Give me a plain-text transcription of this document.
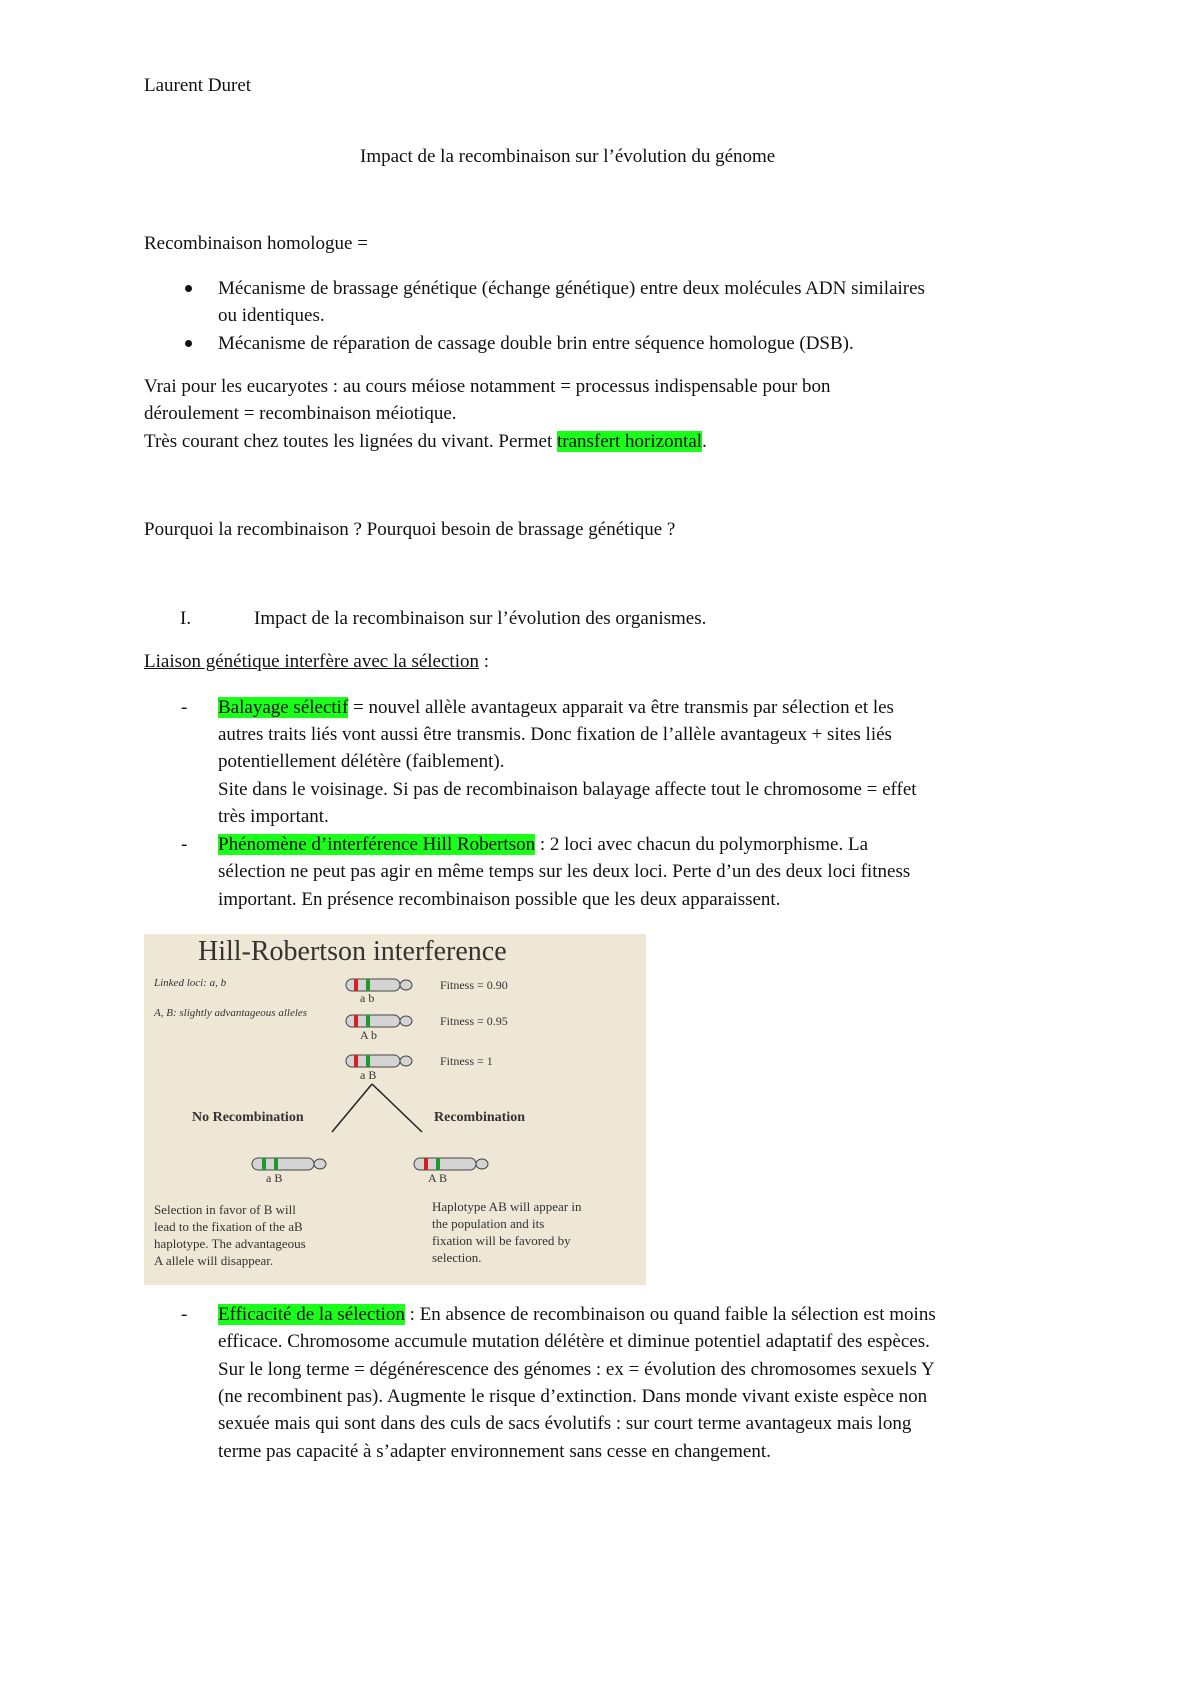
Laurent Duret
Impact de la recombinaison sur l’évolution du génome
Recombinaison homologue =
Mécanisme de brassage génétique (échange génétique) entre deux molécules ADN similaires
ou identiques.
Mécanisme de réparation de cassage double brin entre séquence homologue (DSB).
Vrai pour les eucaryotes : au cours méiose notamment = processus indispensable pour bon
déroulement = recombinaison méiotique.
Très courant chez toutes les lignées du vivant. Permet transfert horizontal.
Pourquoi la recombinaison ? Pourquoi besoin de brassage génétique ?
I.	Impact de la recombinaison sur l’évolution des organismes.
Liaison génétique interfère avec la sélection :
- Balayage sélectif = nouvel allèle avantageux apparait va être transmis par sélection et les
autres traits liés vont aussi être transmis. Donc fixation de l’allèle avantageux + sites liés
potentiellement délétère (faiblement).
Site dans le voisinage. Si pas de recombinaison balayage affecte tout le chromosome = effet
très important.
- Phénomène d’interférence Hill Robertson : 2 loci avec chacun du polymorphisme. La
sélection ne peut pas agir en même temps sur les deux loci. Perte d’un des deux loci fitness
important. En présence recombinaison possible que les deux apparaissent.
Hill-Robertson interference
Linked loci: a, b
A, B: slightly advantageous alleles
a b
Fitness = 0.90
A b
Fitness = 0.95
a B
Fitness = 1
No Recombination	Recombination
a B	A B
Selection in favor of B will
lead to the fixation of the aB
haplotype. The advantageous
A allele will disappear.
Haplotype AB will appear in
the population and its
fixation will be favored by
selection.
- Efficacité de la sélection : En absence de recombinaison ou quand faible la sélection est moins
efficace. Chromosome accumule mutation délétère et diminue potentiel adaptatif des espèces.
Sur le long terme = dégénérescence des génomes : ex = évolution des chromosomes sexuels Y
(ne recombinent pas). Augmente le risque d’extinction. Dans monde vivant existe espèce non
sexuée mais qui sont dans des culs de sacs évolutifs : sur court terme avantageux mais long
terme pas capacité à s’adapter environnement sans cesse en changement.
